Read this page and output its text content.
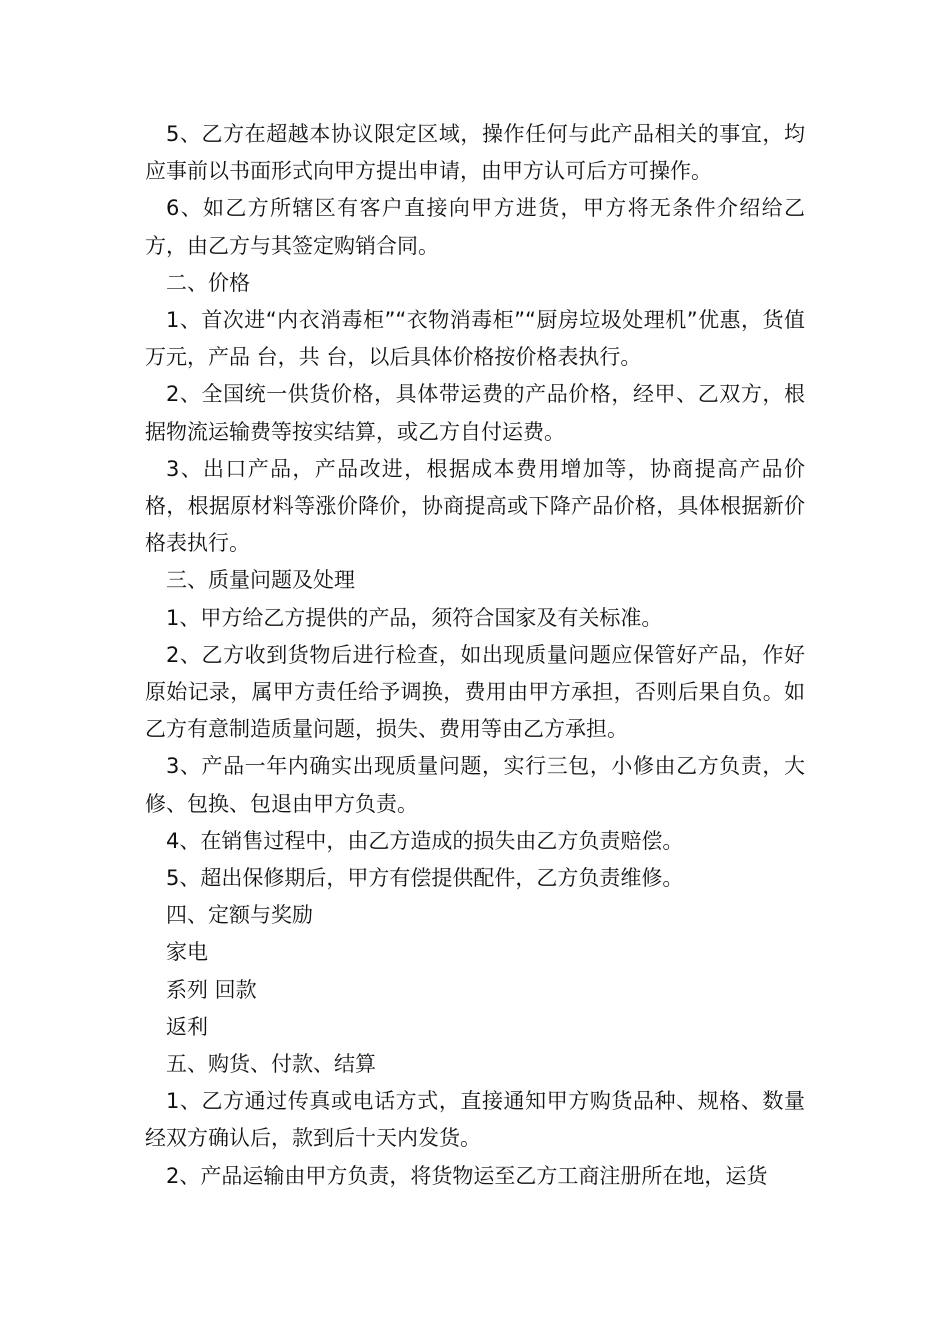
5、乙方在超越本协议限定区域，操作任何与此产品相关的事宜，均应事前以书面形式向甲方提出申请，由甲方认可后方可操作。

6、如乙方所辖区有客户直接向甲方进货，甲方将无条件介绍给乙方，由乙方与其签定购销合同。

二、价格

1、首次进“内衣消毒柜”“衣物消毒柜”“厨房垃圾处理机”优惠，货值 万元，产品 台，共 台，以后具体价格按价格表执行。

2、全国统一供货价格，具体带运费的产品价格，经甲、乙双方，根据物流运输费等按实结算，或乙方自付运费。

3、出口产品，产品改进，根据成本费用增加等，协商提高产品价格，根据原材料等涨价降价，协商提高或下降产品价格，具体根据新价格表执行。

三、质量问题及处理

1、甲方给乙方提供的产品，须符合国家及有关标准。

2、乙方收到货物后进行检查，如出现质量问题应保管好产品，作好原始记录，属甲方责任给予调换，费用由甲方承担，否则后果自负。如乙方有意制造质量问题，损失、费用等由乙方承担。

3、产品一年内确实出现质量问题，实行三包，小修由乙方负责，大修、包换、包退由甲方负责。

4、在销售过程中，由乙方造成的损失由乙方负责赔偿。

5、超出保修期后，甲方有偿提供配件，乙方负责维修。

四、定额与奖励

家电

系列 回款

返利

五、购货、付款、结算

1、乙方通过传真或电话方式，直接通知甲方购货品种、规格、数量经双方确认后，款到后十天内发货。

2、产品运输由甲方负责，将货物运至乙方工商注册所在地，运货
